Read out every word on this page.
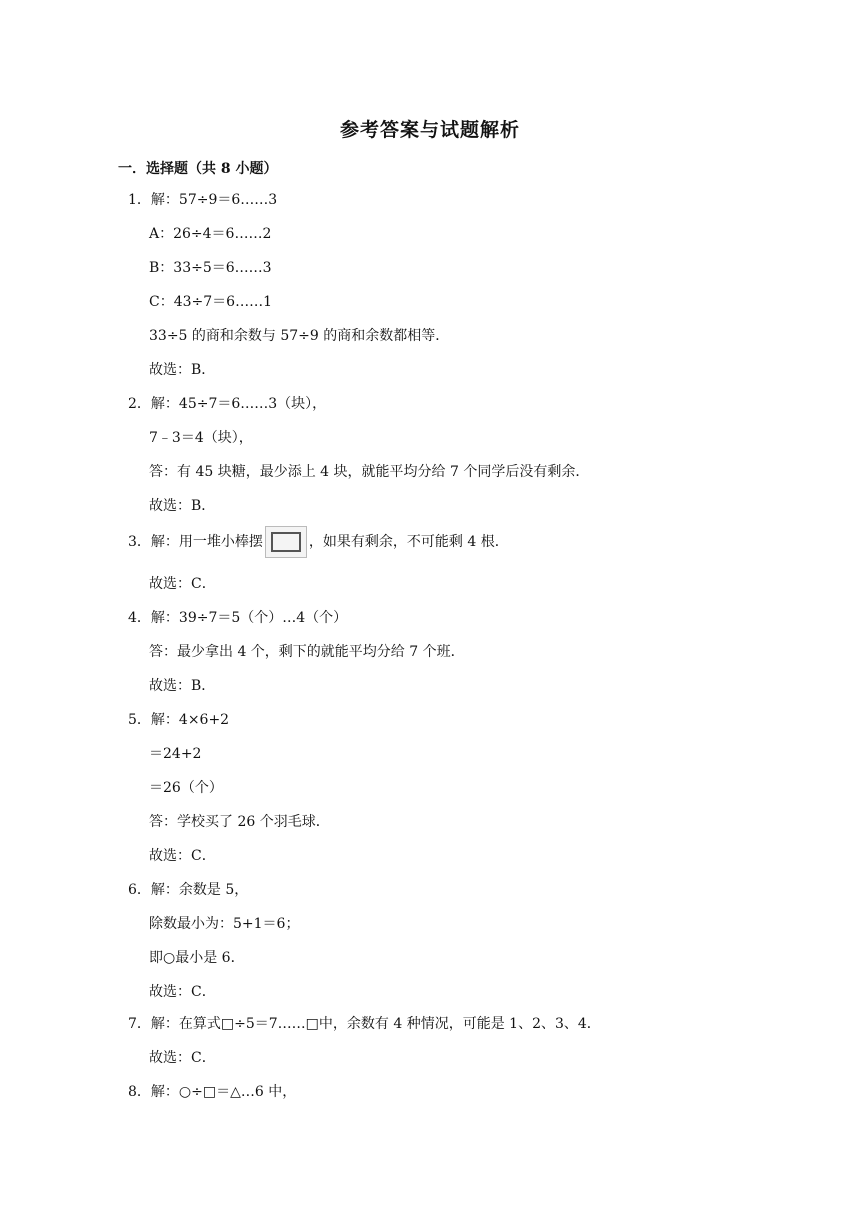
参考答案与试题解析
一．选择题（共 8 小题）
1．解：57÷9＝6……3
A：26÷4＝6……2
B：33÷5＝6……3
C：43÷7＝6……1
33÷5 的商和余数与 57÷9 的商和余数都相等．
故选：B．
2．解：45÷7＝6……3（块），
7﹣3＝4（块），
答：有 45 块糖，最少添上 4 块，就能平均分给 7 个同学后没有剩余．
故选：B．
3．解：用一堆小棒摆	，如果有剩余，不可能剩 4 根．
故选：C．
4．解：39÷7＝5（个）…4（个）
答：最少拿出 4 个，剩下的就能平均分给 7 个班．
故选：B．
5．解：4×6+2
＝24+2
＝26（个）
答：学校买了 26 个羽毛球．
故选：C．
6．解：余数是 5，
除数最小为：5+1＝6；
即○最小是 6．
故选：C．
7．解：在算式□÷5＝7……□中，余数有 4 种情况，可能是 1、2、3、4．
故选：C．
8．解：○÷□＝△…6 中，
